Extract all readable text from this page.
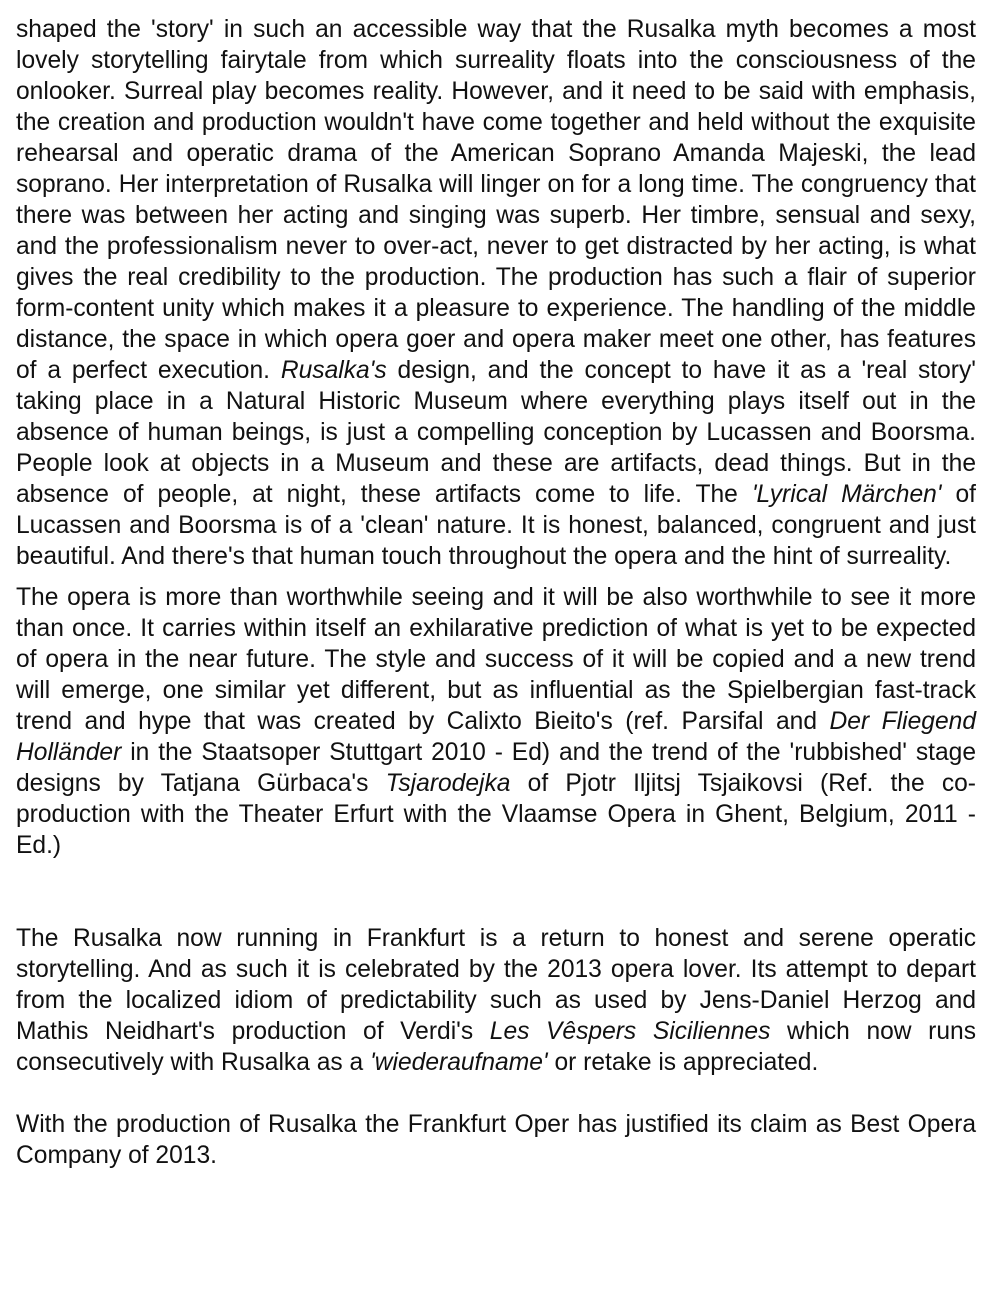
shaped the 'story' in such an accessible way that the Rusalka myth becomes a most lovely storytelling fairytale from which surreality floats into the consciousness of the onlooker. Surreal play becomes reality. However, and it need to be said with emphasis, the creation and production wouldn't have come together and held without the exquisite rehearsal and operatic drama of the American Soprano Amanda Majeski, the lead soprano. Her interpretation of Rusalka will linger on for a long time. The congruency that there was between her acting and singing was superb. Her timbre, sensual and sexy, and the professionalism never to over-act, never to get distracted by her acting, is what gives the real credibility to the production. The production has such a flair of superior form-content unity which makes it a pleasure to experience. The handling of the middle distance, the space in which opera goer and opera maker meet one other, has features of a perfect execution. Rusalka's design, and the concept to have it as a 'real story' taking place in a Natural Historic Museum where everything plays itself out in the absence of human beings, is just a compelling conception by Lucassen and Boorsma. People look at objects in a Museum and these are artifacts, dead things. But in the absence of people, at night, these artifacts come to life. The 'Lyrical Märchen' of Lucassen and Boorsma is of a 'clean' nature. It is honest, balanced, congruent and just beautiful. And there's that human touch throughout the opera and the hint of surreality.

The opera is more than worthwhile seeing and it will be also worthwhile to see it more than once. It carries within itself an exhilarative prediction of what is yet to be expected of opera in the near future. The style and success of it will be copied and a new trend will emerge, one similar yet different, but as influential as the Spielbergian fast-track trend and hype that was created by Calixto Bieito's (ref. Parsifal and Der Fliegend Holländer in the Staatsoper Stuttgart 2010 - Ed) and the trend of the 'rubbished' stage designs by Tatjana Gürbaca's Tsjarodejka of Pjotr Iljitsj Tsjaikovsi (Ref. the co-production with the Theater Erfurt with the Vlaamse Opera in Ghent, Belgium, 2011 - Ed.)

The Rusalka now running in Frankfurt is a return to honest and serene operatic storytelling. And as such it is celebrated by the 2013 opera lover. Its attempt to depart from the localized idiom of predictability such as used by Jens-Daniel Herzog and Mathis Neidhart's production of Verdi's Les Vêspers Siciliennes which now runs consecutively with Rusalka as a 'wiederaufname' or retake is appreciated.

With the production of Rusalka the Frankfurt Oper has justified its claim as Best Opera Company of 2013.
